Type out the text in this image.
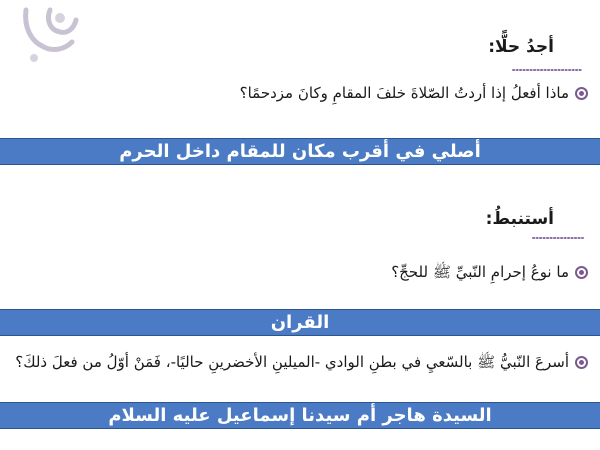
أجدُ حلًّا:
ماذا أفعلُ إذا أردتُ الصّلاةَ خلفَ المقامِ وكانَ مزدحمًا؟
أصلي في أقرب مكان للمقام داخل الحرم
أستنبطُ:
ما نوعُ إحرامِ النّبيِّ ﷺ للحجِّ؟
القران
أسرعَ النّبيُّ ﷺ بالسّعيِ في بطنِ الوادي -الميلينِ الأخضرينِ حاليًا-، فَمَنْ أوّلُ من فعلَ ذلكَ؟
السيدة هاجر أم سيدنا إسماعيل عليه السلام
